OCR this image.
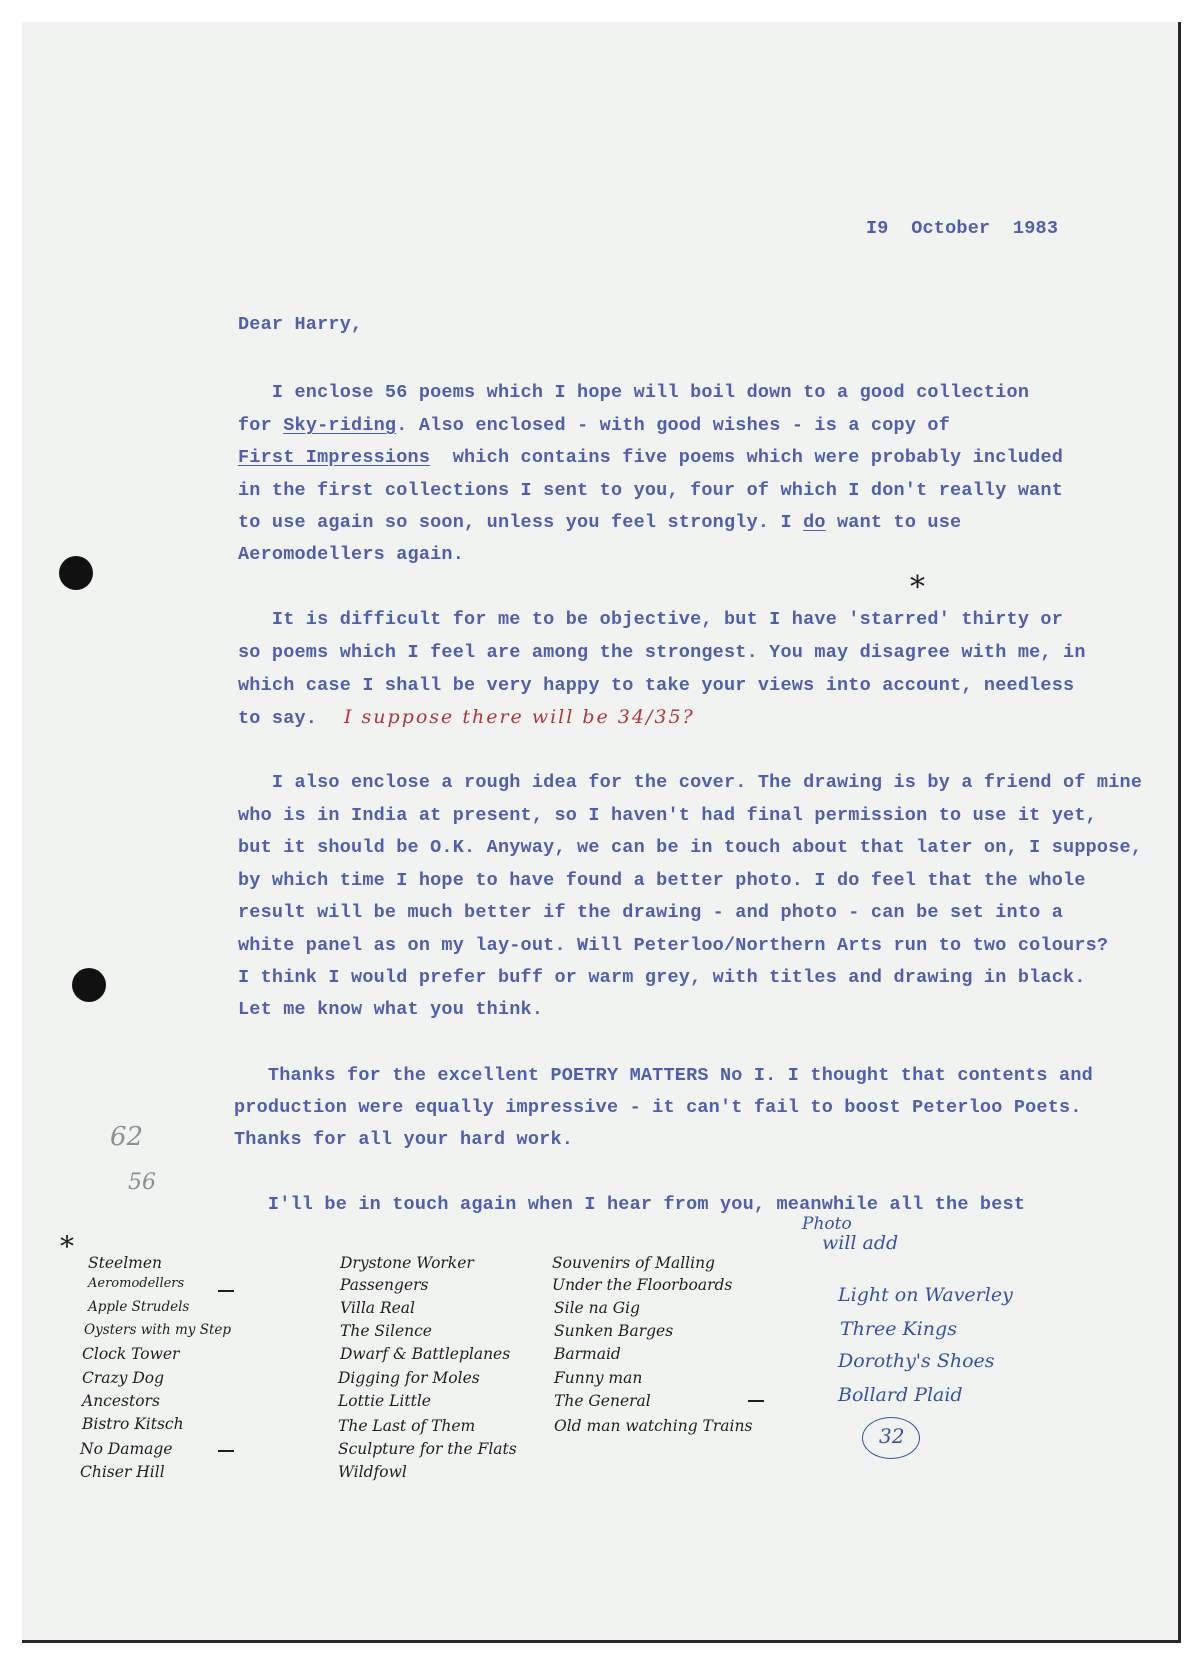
62
56
I9  October  1983
Dear Harry,
I enclose 56 poems which I hope will boil down to a good collection
for Sky-riding. Also enclosed - with good wishes - is a copy of
First Impressions  which contains five poems which were probably included
in the first collections I sent to you, four of which I don't really want
to use again so soon, unless you feel strongly. I do want to use
Aeromodellers again.
*
It is difficult for me to be objective, but I have 'starred' thirty or
so poems which I feel are among the strongest. You may disagree with me, in
which case I shall be very happy to take your views into account, needless
to say. I suppose there will be 34/35?
I also enclose a rough idea for the cover. The drawing is by a friend of mine
who is in India at present, so I haven't had final permission to use it yet,
but it should be O.K. Anyway, we can be in touch about that later on, I suppose,
by which time I hope to have found a better photo. I do feel that the whole
result will be much better if the drawing - and photo - can be set into a
white panel as on my lay-out. Will Peterloo/Northern Arts run to two colours?
I think I would prefer buff or warm grey, with titles and drawing in black.
Let me know what you think.
Thanks for the excellent POETRY MATTERS No I. I thought that contents and
production were equally impressive - it can't fail to boost Peterloo Poets.
Thanks for all your hard work.
I'll be in touch again when I hear from you, meanwhile all the best
* Steelmen
Aeromodellers
Apple Strudels
Oysters with my Step
Clock Tower
Crazy Dog
Ancestors
Bistro Kitsch
No Damage
Chiser Hill
Drystone Worker
Passengers
Villa Real
The Silence
Dwarf & Battleplanes
Digging for Moles
Lottie Little
The Last of Them
Sculpture for the Flats
Wildfowl
Souvenirs of Malling
Under the Floorboards
Sile na Gig
Sunken Barges
Barmaid
Funny man
The General
Old man watching Trains
Photo
will add
Light on Waverley
Three Kings
Dorothy's Shoes
Bollard Plaid
32
